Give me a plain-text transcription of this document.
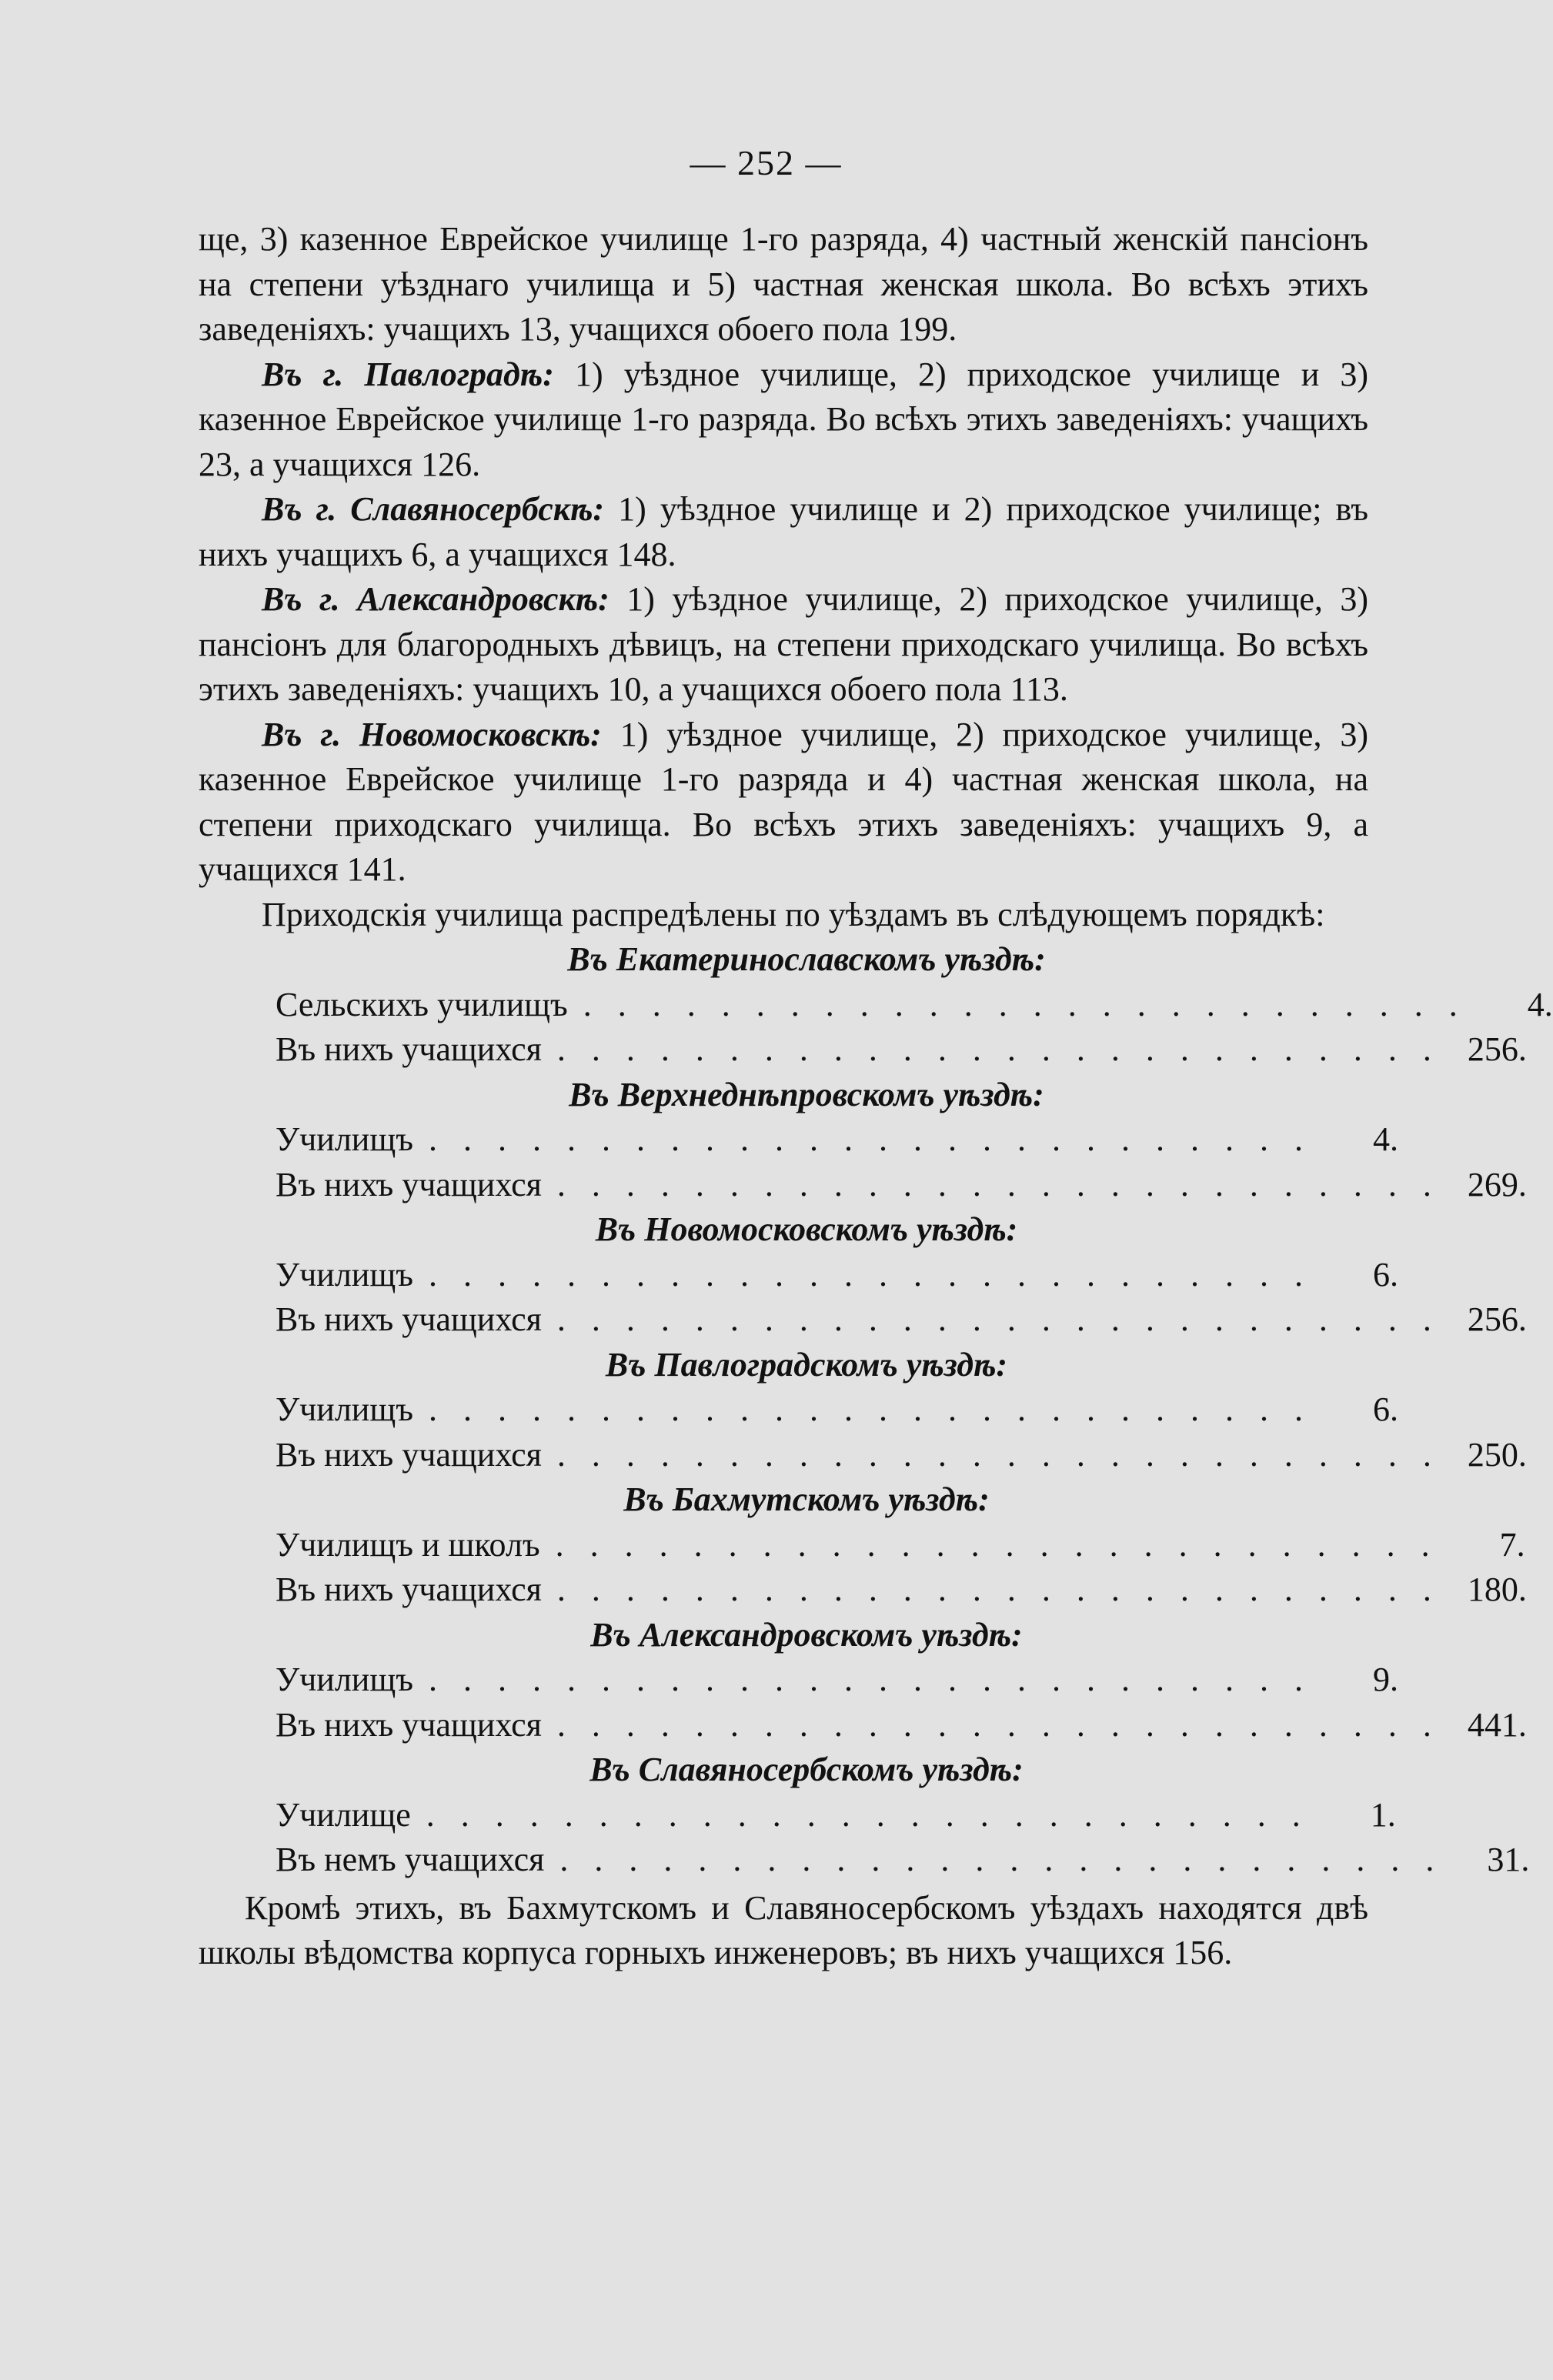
— 252 —

ще, 3) казенное Еврейское училище 1-го разряда, 4) частный женскій пансіонъ на степени уѣзднаго училища и 5) частная женская школа. Во всѣхъ этихъ заведеніяхъ: учащихъ 13, учащихся обоего пола 199.

Въ г. Павлоградѣ: 1) уѣздное училище, 2) приходское училище и 3) казенное Еврейское училище 1-го разряда. Во всѣхъ этихъ заведеніяхъ: учащихъ 23, а учащихся 126.

Въ г. Славяносербскѣ: 1) уѣздное училище и 2) приходское училище; въ нихъ учащихъ 6, а учащихся 148.

Въ г. Александровскѣ: 1) уѣздное училище, 2) приходское училище, 3) пансіонъ для благородныхъ дѣвицъ, на степени приходскаго училища. Во всѣхъ этихъ заведеніяхъ: учащихъ 10, а учащихся обоего пола 113.

Въ г. Новомосковскѣ: 1) уѣздное училище, 2) приходское училище, 3) казенное Еврейское училище 1-го разряда и 4) частная женская школа, на степени приходскаго училища. Во всѣхъ этихъ заведеніяхъ: учащихъ 9, а учащихся 141.

Приходскія училища распредѣлены по уѣздамъ въ слѣдующемъ порядкѣ:

Въ Екатеринославскомъ уѣздѣ:

Сельскихъ училищъ ..........................	4.

Въ нихъ учащихся .......................... 256.

Въ Верхнеднѣпровскомъ уѣздѣ:

Училищъ ..........................	4.

Въ нихъ учащихся .......................... 269.

Въ Новомосковскомъ уѣздѣ:

Училищъ ..........................	6.

Въ нихъ учащихся .......................... 256.

Въ Павлоградскомъ уѣздѣ:

Училищъ ..........................	6.

Въ нихъ учащихся .......................... 250.

Въ Бахмутскомъ уѣздѣ:

Училищъ и школъ ..........................	7.

Въ нихъ учащихся .......................... 180.

Въ Александровскомъ уѣздѣ:

Училищъ ..........................	9.

Въ нихъ учащихся .......................... 441.

Въ Славяносербскомъ уѣздѣ:

Училище ..........................	1.

Въ немъ учащихся .......................... 31.

Кромѣ этихъ, въ Бахмутскомъ и Славяносербскомъ уѣздахъ находятся двѣ школы вѣдомства корпуса горныхъ инженеровъ; въ нихъ учащихся 156.
